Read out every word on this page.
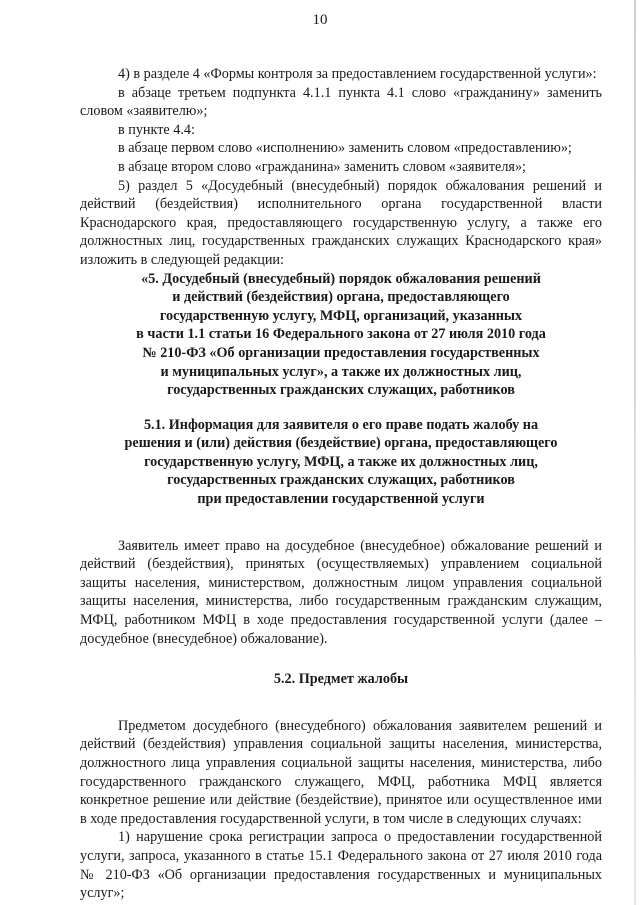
10

4) в разделе 4 «Формы контроля за предоставлением государственной услуги»:

в абзаце третьем подпункта 4.1.1 пункта 4.1 слово «гражданину» заменить словом «заявителю»;

в пункте 4.4:

в абзаце первом слово «исполнению» заменить словом «предоставлению»;

в абзаце втором слово «гражданина» заменить словом «заявителя»;

5) раздел 5 «Досудебный (внесудебный) порядок обжалования решений и действий (бездействия) исполнительного органа государственной власти Краснодарского края, предоставляющего государственную услугу, а также его должностных лиц, государственных гражданских служащих Краснодарского края» изложить в следующей редакции:

«5. Досудебный (внесудебный) порядок обжалования решений
и действий (бездействия) органа, предоставляющего
государственную услугу, МФЦ, организаций, указанных
в части 1.1 статьи 16 Федерального закона от 27 июля 2010 года
№ 210-ФЗ «Об организации предоставления государственных
и муниципальных услуг», а также их должностных лиц,
государственных гражданских служащих, работников
5.1. Информация для заявителя о его праве подать жалобу на
решения и (или) действия (бездействие) органа, предоставляющего
государственную услугу, МФЦ, а также их должностных лиц,
государственных гражданских служащих, работников
при предоставлении государственной услуги

Заявитель имеет право на досудебное (внесудебное) обжалование решений и действий (бездействия), принятых (осуществляемых) управлением социальной защиты населения, министерством, должностным лицом управления социальной защиты населения, министерства, либо государственным гражданским служащим, МФЦ, работником МФЦ в ходе предоставления государственной услуги (далее – досудебное (внесудебное) обжалование).

5.2. Предмет жалобы

Предметом досудебного (внесудебного) обжалования заявителем решений и действий (бездействия) управления социальной защиты населения, министерства, должностного лица управления социальной защиты населения, министерства, либо государственного гражданского служащего, МФЦ, работника МФЦ является конкретное решение или действие (бездействие), принятое или осуществленное ими в ходе предоставления государственной услуги, в том числе в следующих случаях:

1) нарушение срока регистрации запроса о предоставлении государственной услуги, запроса, указанного в статье 15.1 Федерального закона от 27 июля 2010 года № 210-ФЗ «Об организации предоставления государственных и муниципальных услуг»;
